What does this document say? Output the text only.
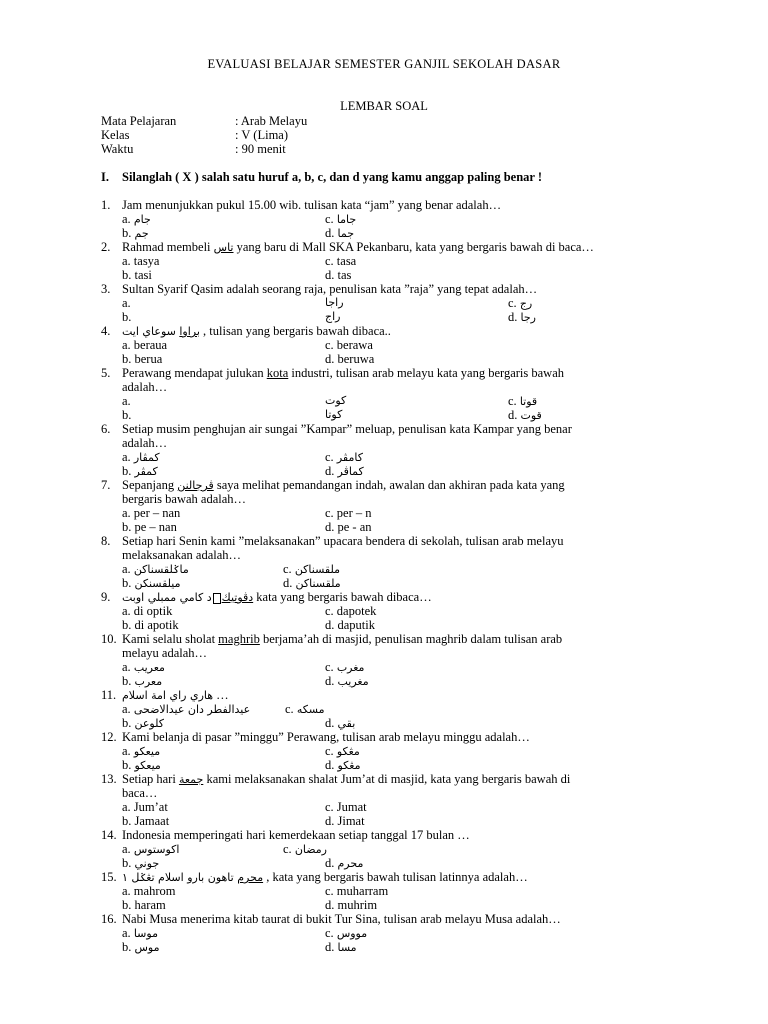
EVALUASI BELAJAR SEMESTER GANJIL SEKOLAH DASAR
LEMBAR SOAL
Mata Pelajaran	: Arab Melayu
Kelas	: V (Lima)
Waktu	: 90 menit
I. Silanglah ( X ) salah satu huruf a, b, c, dan d yang kamu anggap paling benar !
1. Jam menunjukkan pukul 15.00 wib. tulisan kata “jam” yang benar adalah…
a. جام	c. جاما
b. جم	d. جما
2. Rahmad membeli تاس yang baru di Mall SKA Pekanbaru, kata yang bergaris bawah di baca…
a. tasya	c. tasa
b. tasi	d. tas
3. Sultan Syarif Qasim adalah seorang raja, penulisan kata ”raja” yang tepat adalah…
a.	راجا	c. رج
b.	راج	d. رجا
4.	براوا سوعاي ايت , tulisan yang bergaris bawah dibaca..
a. beraua	c. berawa
b. berua	d. beruwa
5. Perawang mendapat julukan kota industri, tulisan arab melayu kata yang bergaris bawah
adalah…
a.	كوت	c. قوتا
b.	كوتا	d. قوت
6. Setiap musim penghujan air sungai ”Kampar” meluap, penulisan kata Kampar yang benar
adalah…
a. كمڤار	c. كامڤر
b. كمڤر	d. كماڤر
7. Sepanjang ڤرجالنن saya melihat pemandangan indah, awalan dan akhiran pada kata yang
bergaris bawah adalah…
a. per – nan	c. per – n
b. pe – nan	d. pe - an
8. Setiap hari Senin kami ”melaksanakan” upacara bendera di sekolah, tulisan arab melayu
melaksanakan adalah…
a. ماݢلقسناكن	c. ملقسناكن
b. ميلقسنكن	d. ملقسناكن
9.	دڤوتيكد كامي ممبلي اوبت	kata yang bergaris bawah dibaca…
a. di optik	c. dapotek
b. di apotik	d. daputik
10. Kami selalu sholat maghrib berjama’ah di masjid, penulisan maghrib dalam tulisan arab
melayu adalah…
a. معريب	c. مغرب
b. معرب	d. مغريب
11. هاري راي امة اسلام …
a. عيدالفطر دان عيدالاضحى	c. مسكه
b. كلوعن	d. بقي
12. Kami belanja di pasar ”minggu” Perawang, tulisan arab melayu minggu adalah…
a. ميعكو	c. مڠكو
b. ميعكو	d. مڠكو
13. Setiap hari جمعة kami melaksanakan shalat Jum’at di masjid, kata yang bergaris bawah di
baca…
a. Jum’at	c. Jumat
b. Jamaat	d. Jimat
14. Indonesia memperingati hari kemerdekaan setiap tanggal 17 bulan …
a. اكوستوس	c. رمضان
b. جوني	d. محرم
15.	محرم تاهون بارو اسلام تڠݢل ١ , kata yang bergaris bawah tulisan latinnya adalah…
a. mahrom	c. muharram
b. haram	d. muhrim
16. Nabi Musa menerima kitab taurat di bukit Tur Sina, tulisan arab melayu Musa adalah…
a. موسا	c. مووس
b. موس	d. مسا
